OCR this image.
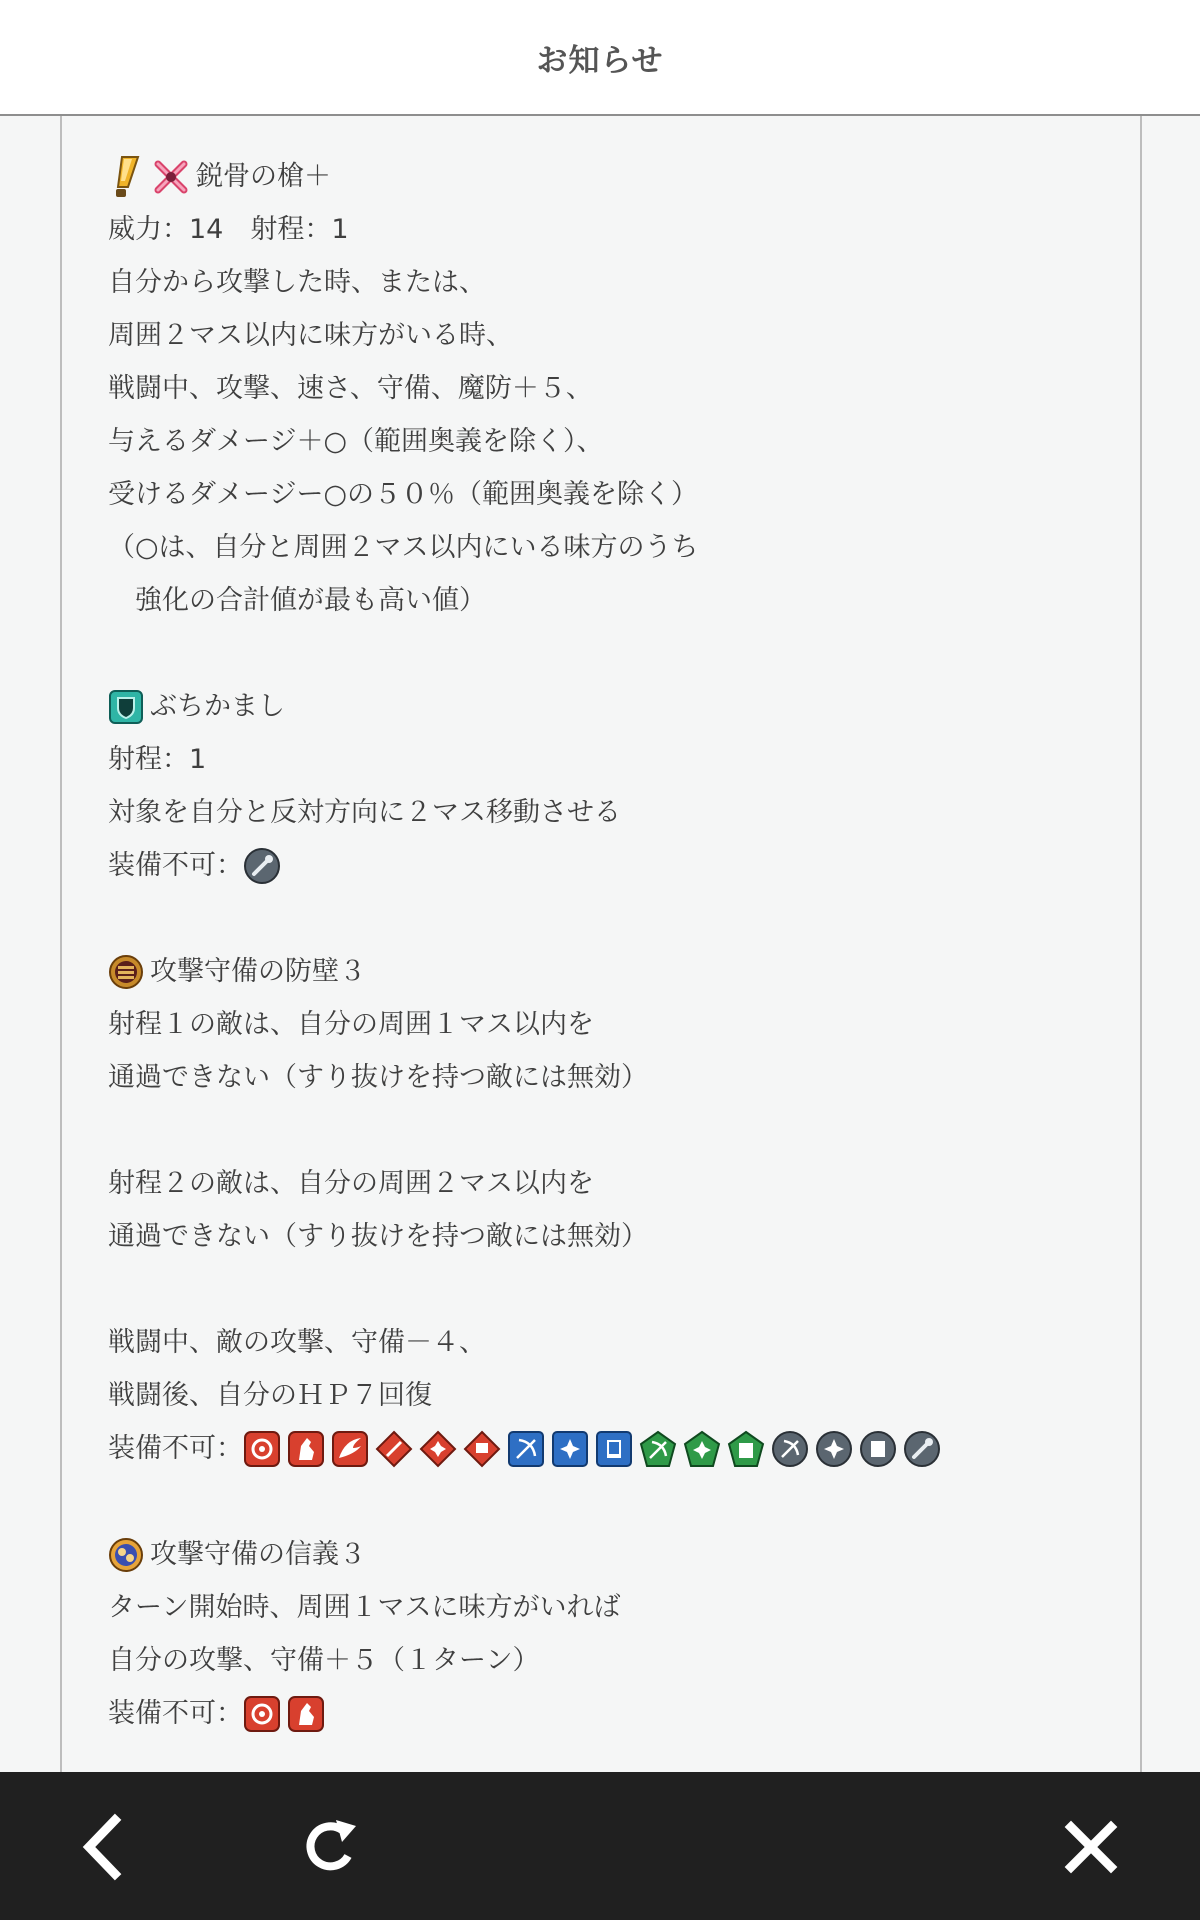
お知らせ
鋭骨の槍＋
威力：14　射程：1
自分から攻撃した時、または、
周囲２マス以内に味方がいる時、
戦闘中、攻撃、速さ、守備、魔防＋５、
与えるダメージ＋○（範囲奥義を除く）、
受けるダメージー○の５０％（範囲奥義を除く）
（○は、自分と周囲２マス以内にいる味方のうち
　強化の合計値が最も高い値）
ぶちかまし
射程：1
対象を自分と反対方向に２マス移動させる
装備不可：
攻撃守備の防壁３
射程１の敵は、自分の周囲１マス以内を
通過できない（すり抜けを持つ敵には無効）
射程２の敵は、自分の周囲２マス以内を
通過できない（すり抜けを持つ敵には無効）
戦闘中、敵の攻撃、守備－４、
戦闘後、自分のＨＰ７回復
装備不可：
攻撃守備の信義３
ターン開始時、周囲１マスに味方がいれば
自分の攻撃、守備＋５（１ターン）
装備不可：
